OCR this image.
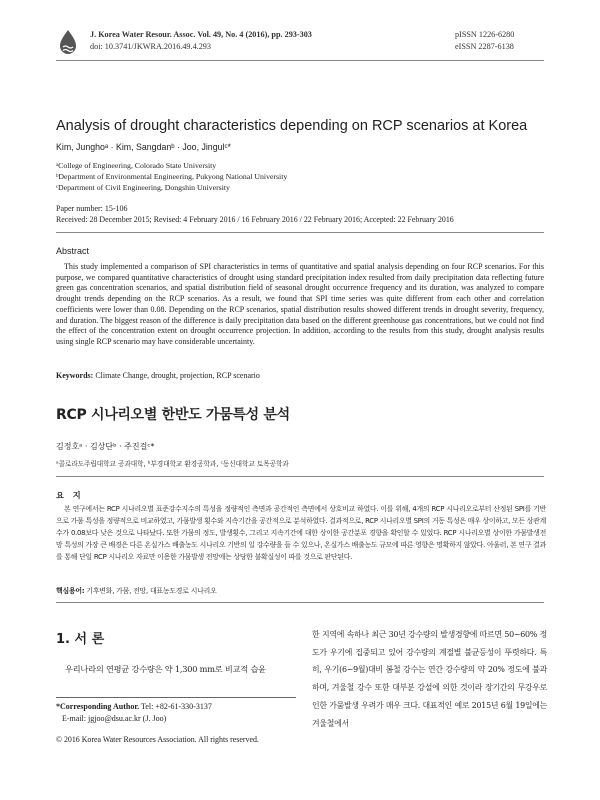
J. Korea Water Resour. Assoc. Vol. 49, No. 4 (2016), pp. 293-303
doi: 10.3741/JKWRA.2016.49.4.293
pISSN 1226-6280
eISSN 2287-6138
Analysis of drought characteristics depending on RCP scenarios at Korea
Kim, Junghoᵃ · Kim, Sangdanᵇ · Joo, Jingulᶜ*
ᵃCollege of Engineering, Colorado State University
ᵇDepartment of Environmental Engineering, Pukyong National University
ᶜDepartment of Civil Engineering, Dongshin University
Paper number: 15-106
Received: 28 December 2015; Revised: 4 February 2016 / 16 February 2016 / 22 February 2016; Accepted: 22 February 2016
Abstract
This study implemented a comparison of SPI characteristics in terms of quantitative and spatial analysis depending on four RCP scenarios. For this purpose, we compared quantitative characteristics of drought using standard precipitation index resulted from daily precipitation data reflecting future green gas concentration scenarios, and spatial distribution field of seasonal drought occurrence frequency and its duration, was analyzed to compare drought trends depending on the RCP scenarios. As a result, we found that SPI time series was quite different from each other and correlation coefficients were lower than 0.08. Depending on the RCP scenarios, spatial distribution results showed different trends in drought severity, frequency, and duration. The biggest reason of the difference is daily precipitation data based on the different greenhouse gas concentrations, but we could not find the effect of the concentration extent on drought occurrence projection. In addition, according to the results from this study, drought analysis results using single RCP scenario may have considerable uncertainty.
Keywords: Climate Change, drought, projection, RCP scenario
RCP 시나리오별 한반도 가뭄특성 분석
김정호ᵃ · 김상단ᵇ · 주진걸ᶜ*
ᵃ콜로라도주립대학교 공과대학, ᵇ부경대학교 환경공학과, ᶜ동신대학교 토목공학과
요 지
본 연구에서는 RCP 시나리오별 표준강수지수의 특성을 정량적인 측면과 공간적인 측면에서 상호비교 하였다. 이를 위해, 4개의 RCP 시나리오로부터 산정된 SPI를 기반으로 가뭄 특성을 정량적으로 비교하였고, 가뭄발생 횟수와 지속기간을 공간적으로 분석하였다. 결과적으로, RCP 시나리오별 SPI의 거동 특성은 매우 상이하고, 모든 상관계수가 0.08보다 낮은 것으로 나타났다. 또한 가뭄의 정도, 발생횟수, 그리고 지속기간에 대한 상이한 공간분포 경향을 확인할 수 있었다. RCP 시나리오별 상이한 가뭄발생전망 특성의 가장 큰 배경은 다른 온실가스 배출농도 시나리오 기반의 일 강수량을 들 수 있으나, 온실가스 배출농도 규모에 따른 영향은 명확하지 않았다. 아울러, 본 연구 결과를 통해 단일 RCP 시나리오 자료만 이용한 가뭄발생 전망에는 상당한 불확실성이 따를 것으로 판단된다.
핵심용어: 기후변화, 가뭄, 전망, 대표농도경로 시나리오
1. 서 론
우리나라의 연평균 강수량은 약 1,300 mm로 비교적 습윤
한 지역에 속하나 최근 30년 강수량의 발생경향에 따르면 50~60% 정도가 우기에 집중되고 있어 강수량의 계절별 불균등성이 뚜렷하다. 특히, 우기(6~9월)대비 봄철 강수는 연간 강수량의 약 20% 정도에 불과하며, 겨울철 강수 또한 대부분 강설에 의한 것이라 장기간의 무강우로 인한 가뭄발생 우려가 매우 크다. 대표적인 예로 2015년 6월 19일에는 겨울철에서
*Corresponding Author. Tel: +82-61-330-3137
E-mail: jgjoo@dsu.ac.kr (J. Joo)
© 2016 Korea Water Resources Association. All rights reserved.
